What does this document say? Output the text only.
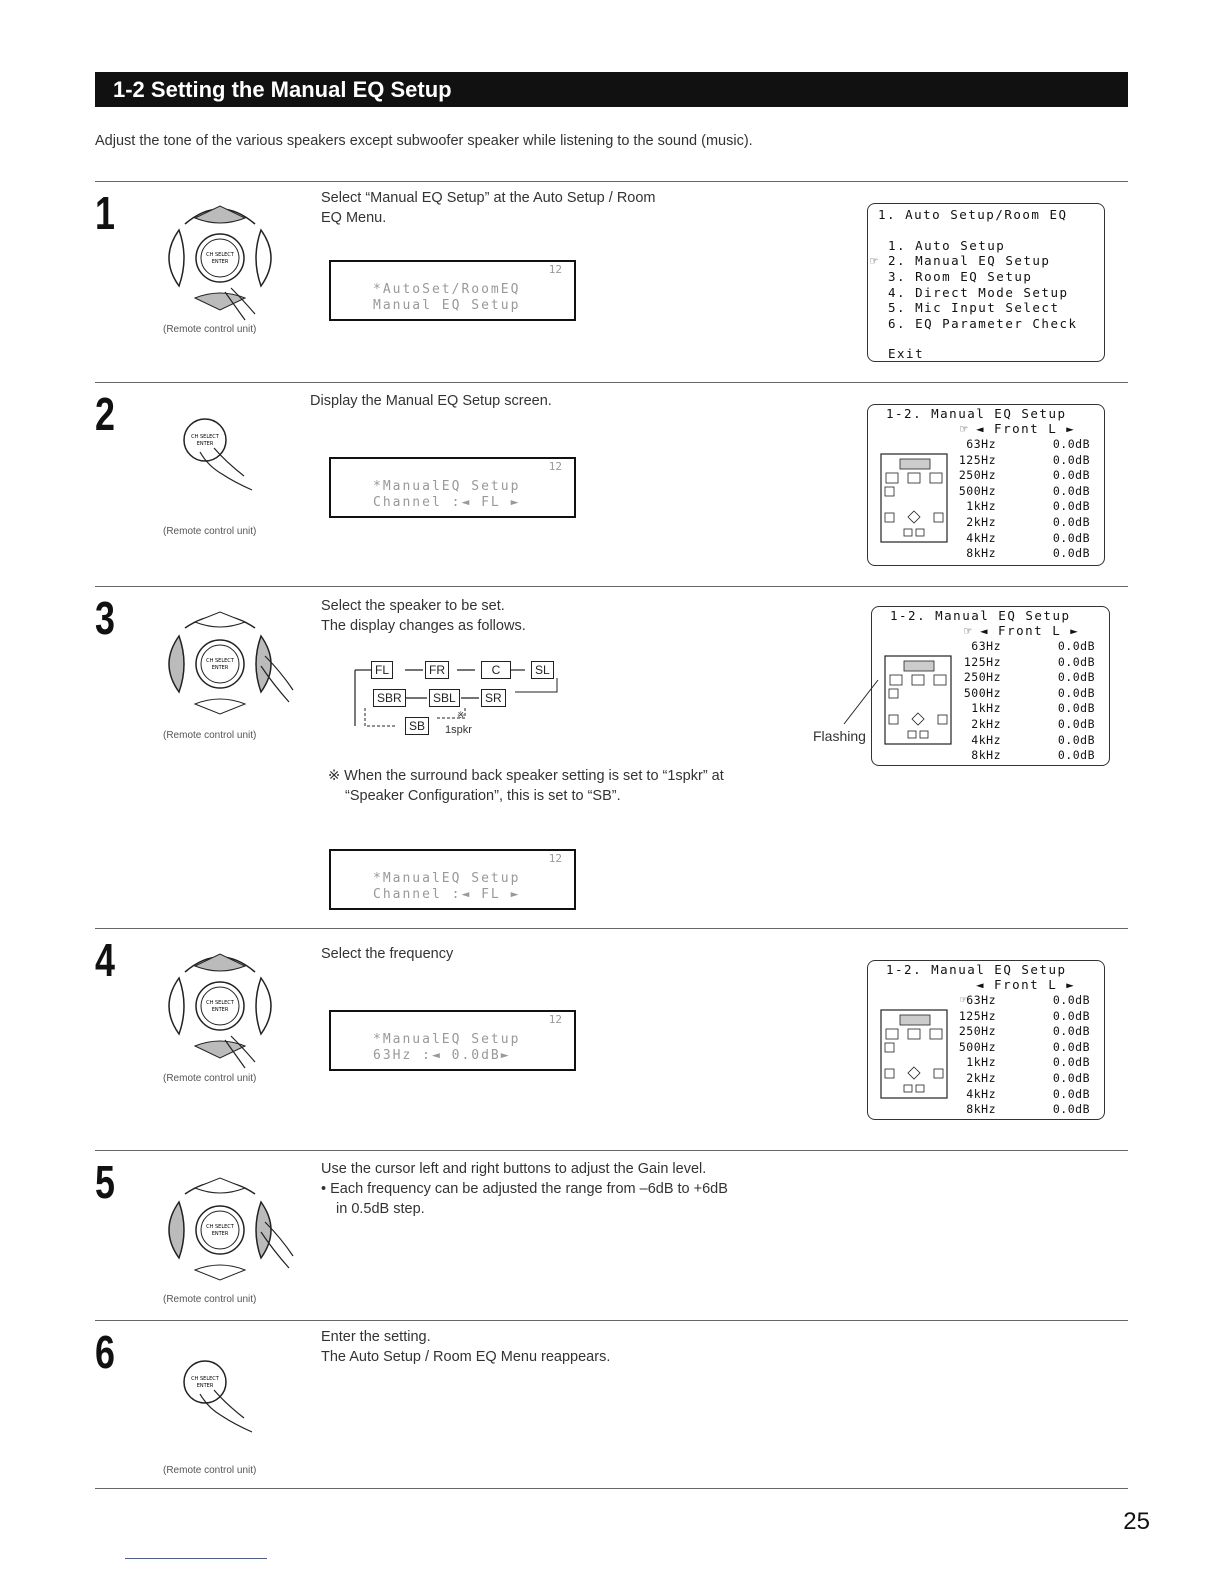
1-2 Setting the Manual EQ Setup
Adjust the tone of the various speakers except subwoofer speaker while listening to the sound (music).
1
2
3
4
5
6
CH SELECT
ENTER
(Remote control unit)
CH SELECT
ENTER
(Remote control unit)
CH SELECT
ENTER
(Remote control unit)
CH SELECT
ENTER
(Remote control unit)
CH SELECT
ENTER
(Remote control unit)
CH SELECT
ENTER
(Remote control unit)
Select “Manual EQ Setup” at the Auto Setup / Room
EQ Menu.
Display the Manual EQ Setup screen.
Select the speaker to be set.
The display changes as follows.
※ When the surround back speaker setting is set to “1spkr” at
“Speaker Configuration”, this is set to “SB”.
Select the frequency
Use the cursor left and right buttons to adjust the Gain level.
• Each frequency can be adjusted the range from –6dB to +6dB
in 0.5dB step.
Enter the setting.
The Auto Setup / Room EQ Menu reappears.
12
*AutoSet/RoomEQ
Manual EQ Setup
12
*ManualEQ Setup
Channel :◄ FL ►
12
*ManualEQ Setup
Channel :◄ FL ►
12
*ManualEQ Setup
63Hz :◄ 0.0dB►
FL	FR	C	SL
SBR	SBL	SR
SB
※
1spkr
1. Auto Setup/Room EQ
1. Auto Setup
☞ 2. Manual EQ Setup
3. Room EQ Setup
4. Direct Mode Setup
5. Mic Input Select
6. EQ Parameter Check
Exit
1-2. Manual EQ Setup
☞ ◄ Front L ►
63Hz	0.0dB
125Hz	0.0dB
250Hz	0.0dB
500Hz	0.0dB
1kHz	0.0dB
2kHz	0.0dB
4kHz	0.0dB
8kHz	0.0dB
1-2. Manual EQ Setup
☞ ◄ Front L ►
63Hz	0.0dB
125Hz	0.0dB
250Hz	0.0dB
500Hz	0.0dB
1kHz	0.0dB
2kHz	0.0dB
4kHz	0.0dB
8kHz	0.0dB
1-2. Manual EQ Setup
◄ Front L ►
☞
63Hz	0.0dB
125Hz	0.0dB
250Hz	0.0dB
500Hz	0.0dB
1kHz	0.0dB
2kHz	0.0dB
4kHz	0.0dB
8kHz	0.0dB
Flashing
25
